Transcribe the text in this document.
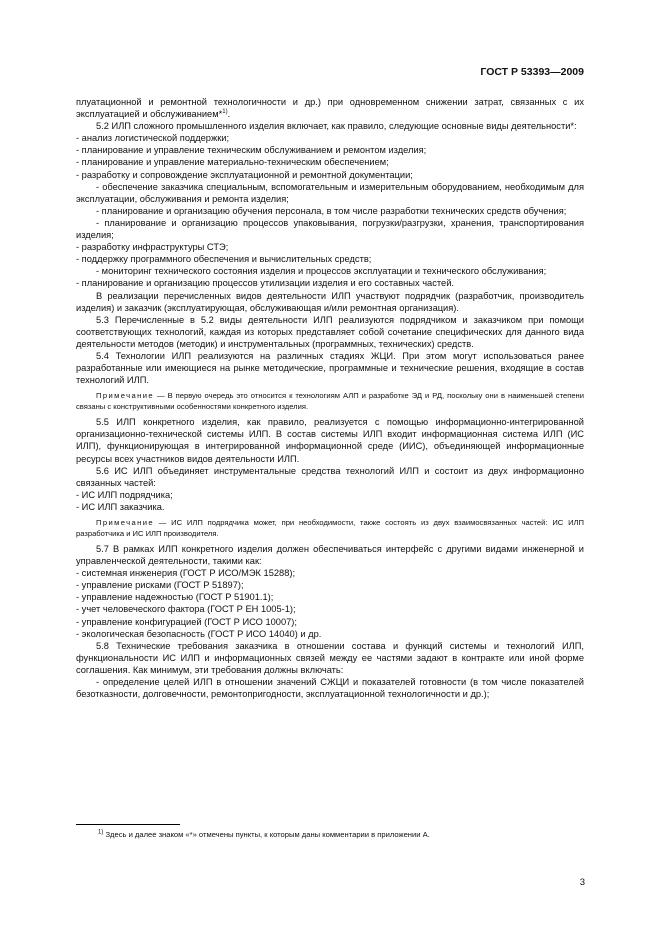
ГОСТ Р 53393—2009

плуатационной и ремонтной технологичности и др.) при одновременном снижении затрат, связанных с их эксплуатацией и обслуживанием*$^{1)}$.

5.2 ИЛП сложного промышленного изделия включает, как правило, следующие основные виды деятельности*:

- анализ логистической поддержки;

- планирование и управление техническим обслуживанием и ремонтом изделия;

- планирование и управление материально-техническим обеспечением;

- разработку и сопровождение эксплуатационной и ремонтной документации;

- обеспечение заказчика специальным, вспомогательным и измерительным оборудованием, необходимым для эксплуатации, обслуживания и ремонта изделия;

- планирование и организацию обучения персонала, в том числе разработки технических средств обучения;

- планирование и организацию процессов упаковывания, погрузки/разгрузки, хранения, транспортирования изделия;

- разработку инфраструктуры СТЭ;

- поддержку программного обеспечения и вычислительных средств;

- мониторинг технического состояния изделия и процессов эксплуатации и технического обслуживания;

- планирование и организацию процессов утилизации изделия и его составных частей.

В реализации перечисленных видов деятельности ИЛП участвуют подрядчик (разработчик, производитель изделия) и заказчик (эксплуатирующая, обслуживающая и/или ремонтная организация).

5.3 Перечисленные в 5.2 виды деятельности ИЛП реализуются подрядчиком и заказчиком при помощи соответствующих технологий, каждая из которых представляет собой сочетание специфических для данного вида деятельности методов (методик) и инструментальных (программных, технических) средств.

5.4 Технологии ИЛП реализуются на различных стадиях ЖЦИ. При этом могут использоваться ранее разработанные или имеющиеся на рынке методические, программные и технические решения, входящие в состав технологий ИЛП.

Примечание — В первую очередь это относится к технологиям АЛП и разработке ЭД и РД, поскольку они в наименьшей степени связаны с конструктивными особенностями конкретного изделия.

5.5 ИЛП конкретного изделия, как правило, реализуется с помощью информационно-интегрированной организационно-технической системы ИЛП. В состав системы ИЛП входит информационная система ИЛП (ИС ИЛП), функционирующая в интегрированной информационной среде (ИИС), объединяющей информационные ресурсы всех участников видов деятельности ИЛП.

5.6 ИС ИЛП объединяет инструментальные средства технологий ИЛП и состоит из двух информационно связанных частей:

- ИС ИЛП подрядчика;

- ИС ИЛП заказчика.

Примечание — ИС ИЛП подрядчика может, при необходимости, также состоять из двух взаимосвязанных частей: ИС ИЛП разработчика и ИС ИЛП производителя.

5.7 В рамках ИЛП конкретного изделия должен обеспечиваться интерфейс с другими видами инженерной и управленческой деятельности, такими как:

- системная инженерия (ГОСТ Р ИСО/МЭК 15288);

- управление рисками (ГОСТ Р 51897);

- управление надежностью (ГОСТ Р 51901.1);

- учет человеческого фактора (ГОСТ Р ЕН 1005-1);

- управление конфигурацией (ГОСТ Р ИСО 10007);

- экологическая безопасность (ГОСТ Р ИСО 14040) и др.

5.8 Технические требования заказчика в отношении состава и функций системы и технологий ИЛП, функциональности ИС ИЛП и информационных связей между ее частями задают в контракте или иной форме соглашения. Как минимум, эти требования должны включать:

- определение целей ИЛП в отношении значений СЖЦИ и показателей готовности (в том числе показателей безотказности, долговечности, ремонтопригодности, эксплуатационной технологичности и др.);

$^{1)}$ Здесь и далее знаком «*» отмечены пункты, к которым даны комментарии в приложении А.
3
